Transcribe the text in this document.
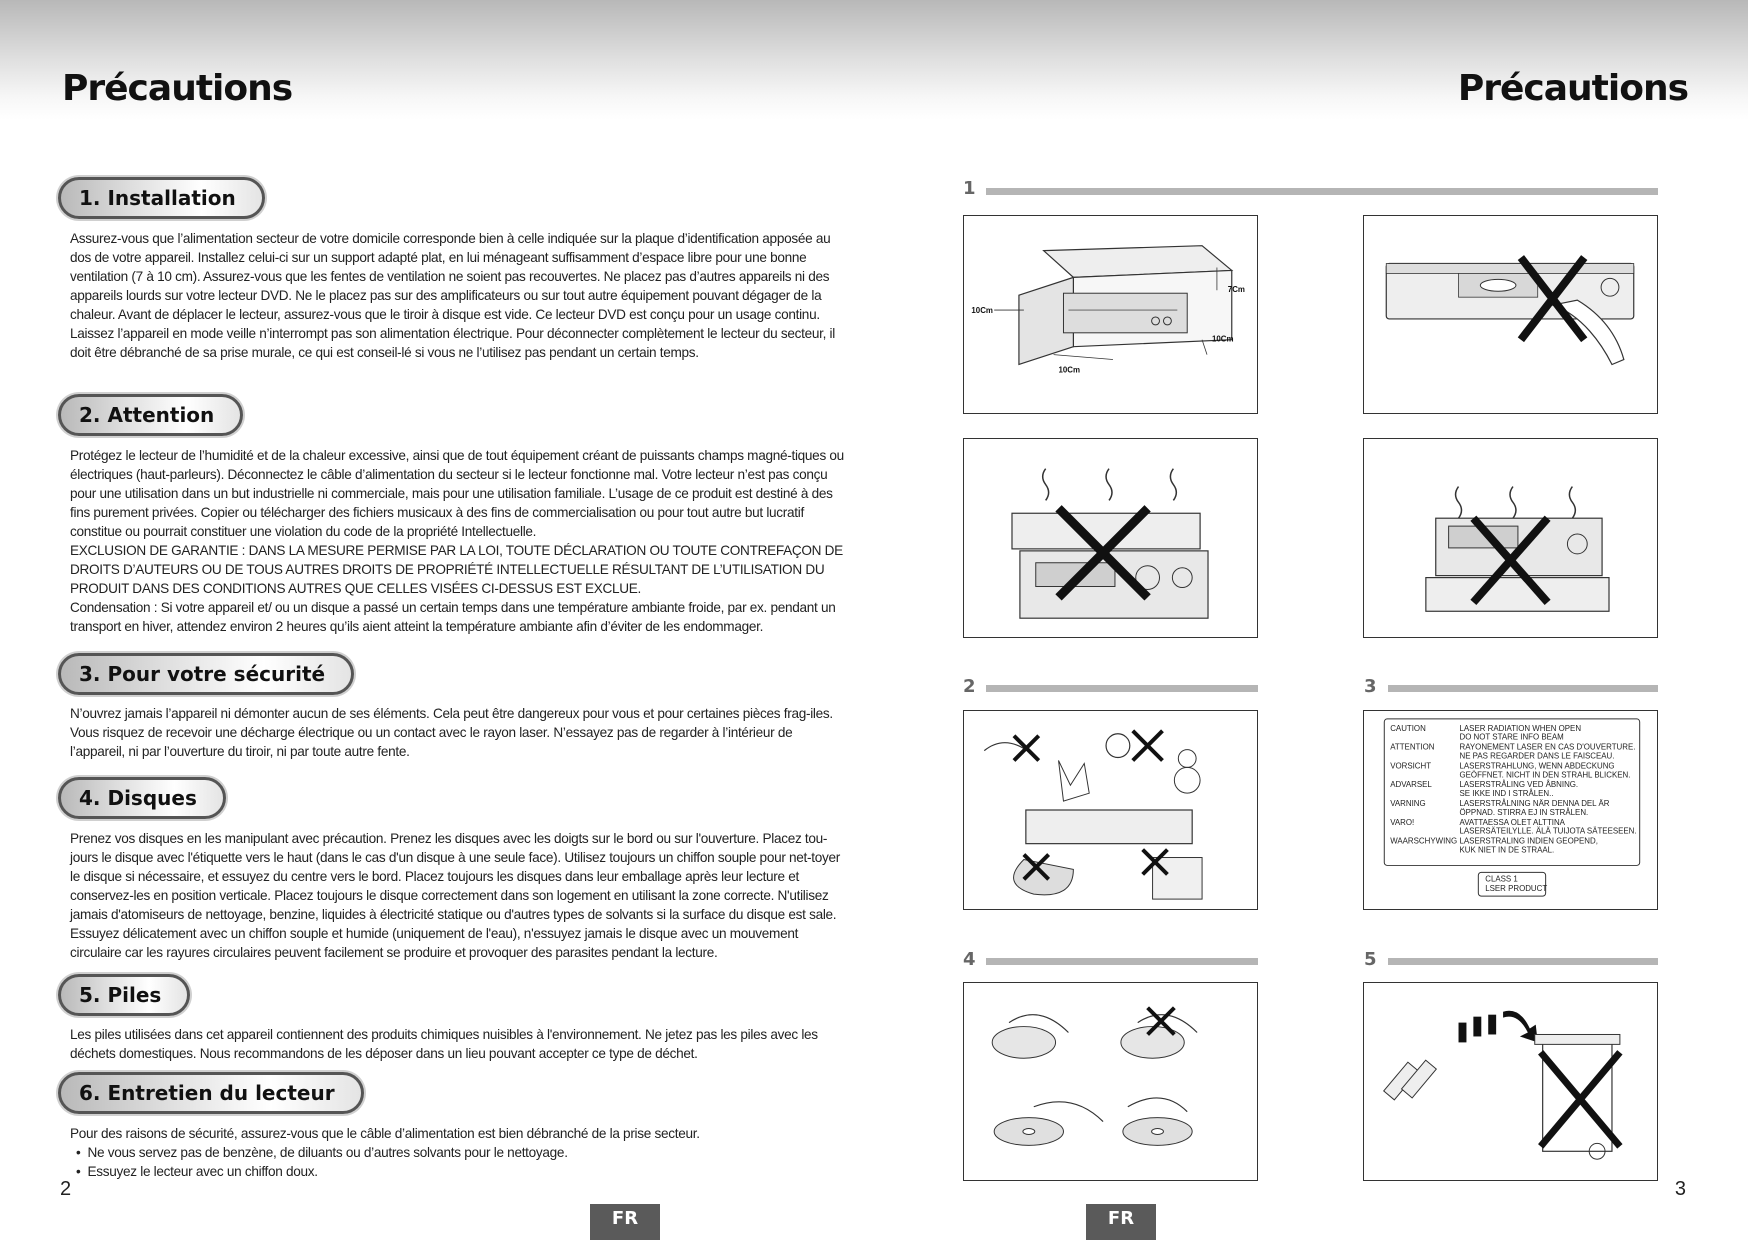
Précautions	Précautions
1. Installation

Assurez-vous que l’alimentation secteur de votre domicile corresponde bien à celle indiquée sur la plaque d’identification apposée au dos de votre appareil. Installez celui-ci sur un support adapté plat, en lui ménageant suffisamment d’espace libre pour une bonne ventilation (7 à 10 cm). Assurez-vous que les fentes de ventilation ne soient pas recouvertes. Ne placez pas d’autres appareils ni des appareils lourds sur votre lecteur DVD. Ne le placez pas sur des amplificateurs ou sur tout autre équipement pouvant dégager de la chaleur. Avant de déplacer le lecteur, assurez-vous que le tiroir à disque est vide. Ce lecteur DVD est conçu pour un usage continu. Laissez l’appareil en mode veille n’interrompt pas son alimentation électrique. Pour déconnecter complètement le lecteur du secteur, il doit être débranché de sa prise murale, ce qui est conseil-lé si vous ne l’utilisez pas pendant un certain temps.

2. Attention

Protégez le lecteur de l’humidité et de la chaleur excessive, ainsi que de tout équipement créant de puissants champs magné-tiques ou électriques (haut-parleurs). Déconnectez le câble d’alimentation du secteur si le lecteur fonctionne mal. Votre lecteur n’est pas conçu pour une utilisation dans un but industrielle ni commerciale, mais pour une utilisation familiale. L’usage de ce produit est destiné à des fins purement privées. Copier ou télécharger des fichiers musicaux à des fins de commercialisation ou pour tout autre but lucratif constitue ou pourrait constituer une violation du code de la propriété Intellectuelle.

EXCLUSION DE GARANTIE : DANS LA MESURE PERMISE PAR LA LOI, TOUTE DÉCLARATION OU TOUTE CONTREFAÇON DE DROITS D’AUTEURS OU DE TOUS AUTRES DROITS DE PROPRIÉTÉ INTELLECTUELLE RÉSULTANT DE L’UTILISATION DU PRODUIT DANS DES CONDITIONS AUTRES QUE CELLES VISÉES CI-DESSUS EST EXCLUE.

Condensation : Si votre appareil et/ ou un disque a passé un certain temps dans une température ambiante froide, par ex. pendant un transport en hiver, attendez environ 2 heures qu’ils aient atteint la température ambiante afin d’éviter de les endommager.

3. Pour votre sécurité

N’ouvrez jamais l’appareil ni démonter aucun de ses éléments. Cela peut être dangereux pour vous et pour certaines pièces frag-iles. Vous risquez de recevoir une décharge électrique ou un contact avec le rayon laser. N’essayez pas de regarder à l’intérieur de l’appareil, ni par l’ouverture du tiroir, ni par toute autre fente.

4. Disques

Prenez vos disques en les manipulant avec précaution. Prenez les disques avec les doigts sur le bord ou sur l'ouverture. Placez tou-jours le disque avec l'étiquette vers le haut (dans le cas d'un disque à une seule face). Utilisez toujours un chiffon souple pour net-toyer le disque si nécessaire, et essuyez du centre vers le bord. Placez toujours les disques dans leur emballage après leur lecture et conservez-les en position verticale. Placez toujours le disque correctement dans son logement en utilisant la zone correcte. N'utilisez jamais d'atomiseurs de nettoyage, benzine, liquides à électricité statique ou d'autres types de solvants si la surface du disque est sale. Essuyez délicatement avec un chiffon souple et humide (uniquement de l'eau), n'essuyez jamais le disque avec un mouvement circulaire car les rayures circulaires peuvent facilement se produire et provoquer des parasites pendant la lecture.

5. Piles

Les piles utilisées dans cet appareil contiennent des produits chimiques nuisibles à l'environnement. Ne jetez pas les piles avec les déchets domestiques. Nous recommandons de les déposer dans un lieu pouvant accepter ce type de déchet.

6. Entretien du lecteur

Pour des raisons de sécurité, assurez-vous que le câble d’alimentation est bien débranché de la prise secteur.

• Ne vous servez pas de benzène, de diluants ou d’autres solvants pour le nettoyage.
• Essuyez le lecteur avec un chiffon doux.
1
2	3
4	5
7Cm
10Cm
10Cm
10Cm
CAUTION	LASER RADIATION WHEN OPEN
DO NOT STARE INFO BEAM
ATTENTION	RAYONEMENT LASER EN CAS D'OUVERTURE.
NE PAS REGARDER DANS LE FAISCEAU.
VORSICHT	LASERSTRAHLUNG, WENN ABDECKUNG
GEÖFFNET. NICHT IN DEN STRAHL BLICKEN.
ADVARSEL	LASERSTRÅLING VED ÅBNING.
SE IKKE IND I STRÅLEN..
VARNING	LASERSTRÅLNING NÄR DENNA DEL ÄR
ÖPPNAD. STIRRA EJ IN STRÅLEN.
VARO!	AVATTAESSA OLET ALTTINA
LASERSÄTEILYLLE. ÄLÄ TUIJOTA SÄTEESEEN.
WAARSCHYWING LASERSTRALING INDIEN GEOPEND,
KUK NIET IN DE STRAAL.
CLASS 1
LSER PRODUCT
2	3
FR	FR
